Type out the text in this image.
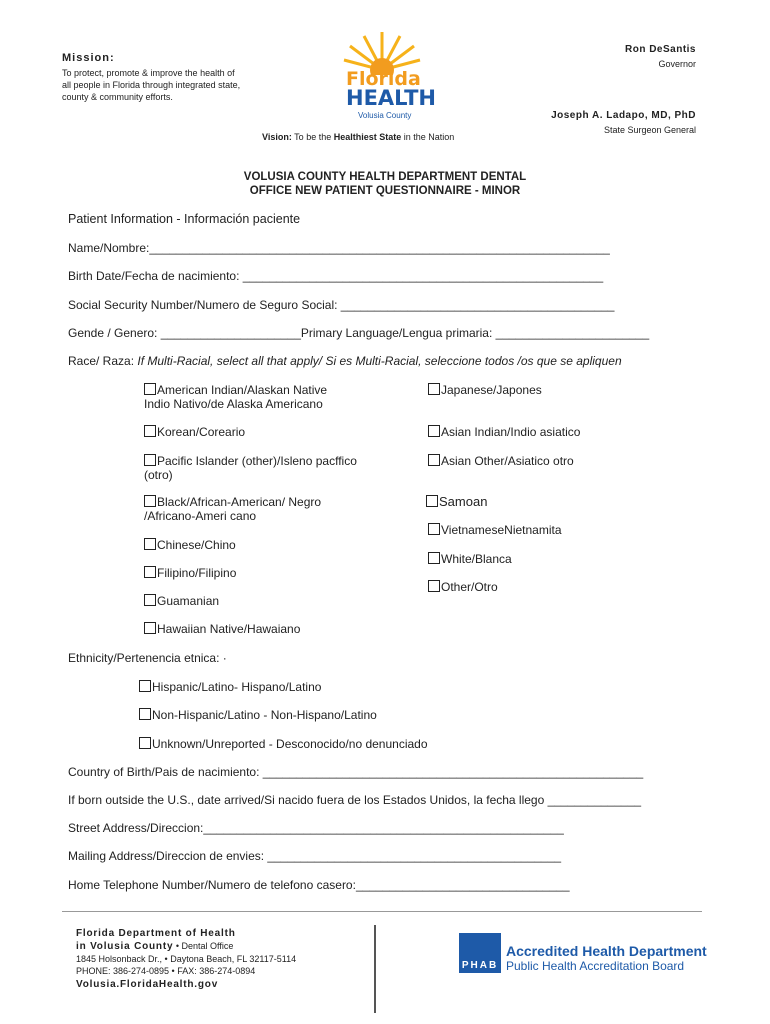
Mission:
To protect, promote & improve the health of all people in Florida through integrated state, county & community efforts.
Florida
HEALTH
Volusia County
Ron DeSantis
Governor
Joseph A. Ladapo, MD, PhD
State Surgeon General
Vision: To be the Healthiest State in the Nation
VOLUSIA COUNTY HEALTH DEPARTMENT DENTAL
OFFICE NEW PATIENT QUESTIONNAIRE - MINOR
Patient Information - Información paciente
Name/Nombre:_____________________________________________________________________
Birth Date/Fecha de nacimiento: ______________________________________________________
Social Security Number/Numero de Seguro Social: _________________________________________
Gende / Genero: _____________________Primary Language/Lengua primaria: _______________________
Race/ Raza: If Multi-Racial, select all that apply/ Si es Multi-Racial, seleccione todos /os que se apliquen
American Indian/Alaskan Native
Indio Nativo/de Alaska Americano
Korean/Coreario
Pacific Islander (other)/Isleno pacffico
(otro)
Black/African-American/ Negro
/Africano-Ameri cano
Chinese/Chino
Filipino/Filipino
Guamanian
Hawaiian Native/Hawaiano
Japanese/Japones
Asian Indian/Indio asiatico
Asian Other/Asiatico otro
Samoan
VietnameseNietnamita
White/Blanca
Other/Otro
Ethnicity/Pertenencia etnica: ·
Hispanic/Latino- Hispano/Latino
Non-Hispanic/Latino - Non-Hispano/Latino
Unknown/Unreported - Desconocido/no denunciado
Country of Birth/Pais de nacimiento: _________________________________________________________
If born outside the U.S., date arrived/Si nacido fuera de los Estados Unidos, la fecha llego ______________
Street Address/Direccion:______________________________________________________
Mailing Address/Direccion de envies: ____________________________________________
Home Telephone Number/Numero de telefono casero:________________________________
Florida Department of Health
in Volusia County • Dental Office
1845 Holsonback Dr., • Daytona Beach, FL 32117-5114
PHONE: 386-274-0895 • FAX: 386-274-0894
Volusia.FloridaHealth.gov
PHAB
Accredited Health Department
Public Health Accreditation Board
